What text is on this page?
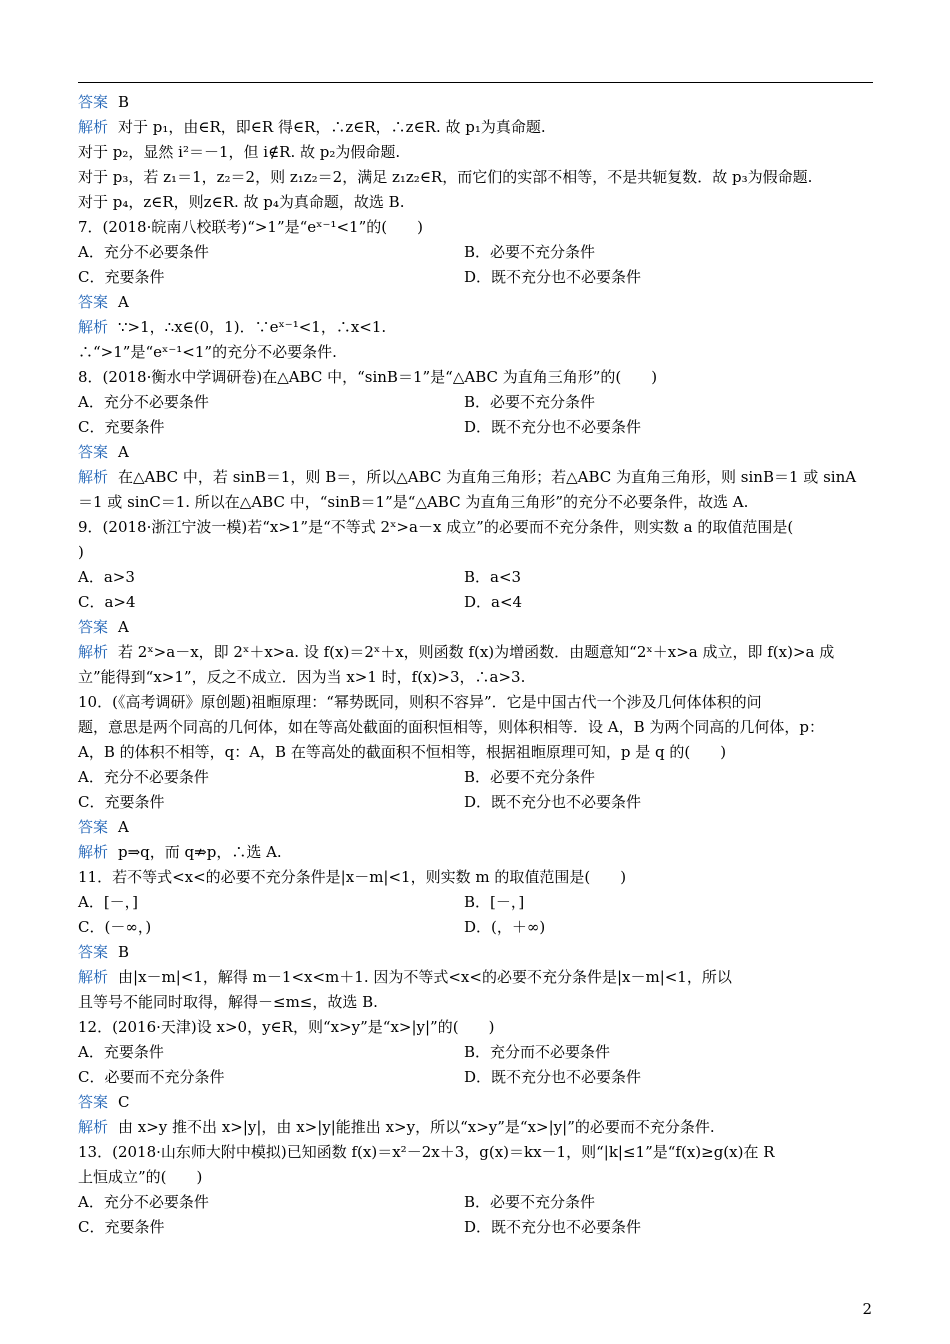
答案 B
解析 对于 p₁，由∈R，即∈R 得∈R，∴z∈R，∴z∈R. 故 p₁为真命题.
对于 p₂，显然 i²＝－1，但 i∉R. 故 p₂为假命题.
对于 p₃，若 z₁＝1，z₂＝2，则 z₁z₂＝2，满足 z₁z₂∈R，而它们的实部不相等，不是共轭复数．故 p₃为假命题.
对于 p₄，z∈R，则z∈R. 故 p₄为真命题，故选 B.
7．(2018·皖南八校联考)“>1”是“eˣ⁻¹<1”的(　　)
A．充分不必要条件	B．必要不充分条件
C．充要条件	D．既不充分也不必要条件
答案 A
解析 ∵>1，∴x∈(0，1)．∵eˣ⁻¹<1，∴x<1.
∴“>1”是“eˣ⁻¹<1”的充分不必要条件.
8．(2018·衡水中学调研卷)在△ABC 中，“sinB＝1”是“△ABC 为直角三角形”的(　　)
A．充分不必要条件	B．必要不充分条件
C．充要条件	D．既不充分也不必要条件
答案 A
解析 在△ABC 中，若 sinB＝1，则 B＝，所以△ABC 为直角三角形；若△ABC 为直角三角形，则 sinB＝1 或 sinA
＝1 或 sinC＝1. 所以在△ABC 中，“sinB＝1”是“△ABC 为直角三角形”的充分不必要条件，故选 A.
9．(2018·浙江宁波一模)若“x>1”是“不等式 2ˣ>a－x 成立”的必要而不充分条件，则实数 a 的取值范围是(
)
A．a>3	B．a<3
C．a>4	D．a<4
答案 A
解析 若 2ˣ>a－x，即 2ˣ＋x>a. 设 f(x)＝2ˣ＋x，则函数 f(x)为增函数．由题意知“2ˣ＋x>a 成立，即 f(x)>a 成
立”能得到“x>1”，反之不成立．因为当 x>1 时，f(x)>3，∴a>3.
10．(《高考调研》原创题)祖暅原理：“幂势既同，则积不容异”．它是中国古代一个涉及几何体体积的问
题，意思是两个同高的几何体，如在等高处截面的面积恒相等，则体积相等．设 A，B 为两个同高的几何体，p：
A，B 的体积不相等，q：A，B 在等高处的截面积不恒相等，根据祖暅原理可知，p 是 q 的(　　)
A．充分不必要条件	B．必要不充分条件
C．充要条件	D．既不充分也不必要条件
答案 A
解析 p⇒q，而 q⇏p，∴选 A.
11．若不等式<x<的必要不充分条件是|x－m|<1，则实数 m 的取值范围是(　　)
A．[－，]	B．[－，]
C．(－∞，)	D．(，＋∞)
答案 B
解析 由|x－m|<1，解得 m－1<x<m＋1. 因为不等式<x<的必要不充分条件是|x－m|<1，所以
且等号不能同时取得，解得－≤m≤，故选 B.
12．(2016·天津)设 x>0，y∈R，则“x>y”是“x>|y|”的(　　)
A．充要条件	B．充分而不必要条件
C．必要而不充分条件	D．既不充分也不必要条件
答案 C
解析 由 x>y 推不出 x>|y|，由 x>|y|能推出 x>y，所以“x>y”是“x>|y|”的必要而不充分条件.
13．(2018·山东师大附中模拟)已知函数 f(x)＝x²－2x＋3，g(x)＝kx－1，则“|k|≤1”是“f(x)≥g(x)在 R
上恒成立”的(　　)
A．充分不必要条件	B．必要不充分条件
C．充要条件	D．既不充分也不必要条件
2
